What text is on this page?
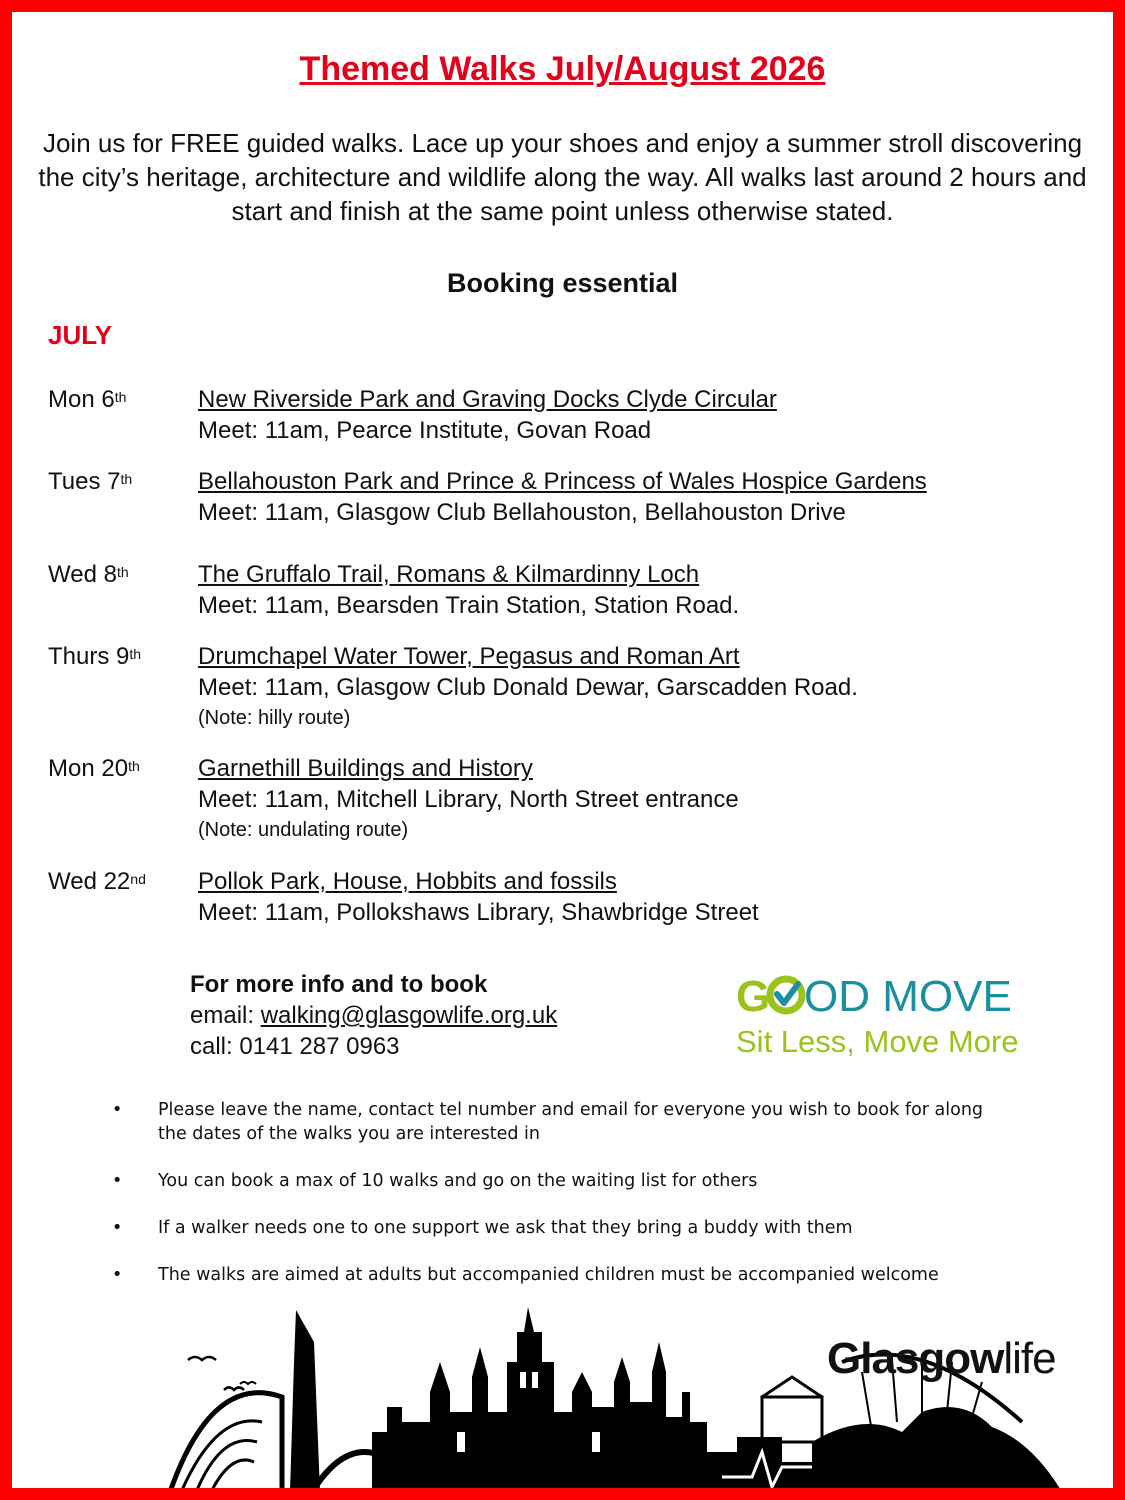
Themed Walks July/August 2026
Join us for FREE guided walks. Lace up your shoes and enjoy a summer stroll discovering the city’s heritage, architecture and wildlife along the way. All walks last around 2 hours and start and finish at the same point unless otherwise stated.
Booking essential
JULY
Mon 6th	New Riverside Park and Graving Docks Clyde Circular
Meet: 11am, Pearce Institute, Govan Road
Tues 7th	Bellahouston Park and Prince & Princess of Wales Hospice Gardens
Meet: 11am, Glasgow Club Bellahouston, Bellahouston Drive
Wed 8th	The Gruffalo Trail, Romans & Kilmardinny Loch
Meet: 11am, Bearsden Train Station, Station Road.
Thurs 9th Drumchapel Water Tower, Pegasus and Roman Art
Meet: 11am, Glasgow Club Donald Dewar, Garscadden Road.
(Note: hilly route)
Mon 20th Garnethill Buildings and History
Meet: 11am, Mitchell Library, North Street entrance
(Note: undulating route)
Wed 22nd Pollok Park, House, Hobbits and fossils
Meet: 11am, Pollokshaws Library, Shawbridge Street
For more info and to book
email: walking@glasgowlife.org.uk
call: 0141 287 0963
G OD MOVE
Sit Less, Move More
• Please leave the name, contact tel number and email for everyone you wish to book for along the dates of the walks you are interested in
• You can book a max of 10 walks and go on the waiting list for others
• If a walker needs one to one support we ask that they bring a buddy with them
• The walks are aimed at adults but accompanied children must be accompanied welcome
Glasgowlife
